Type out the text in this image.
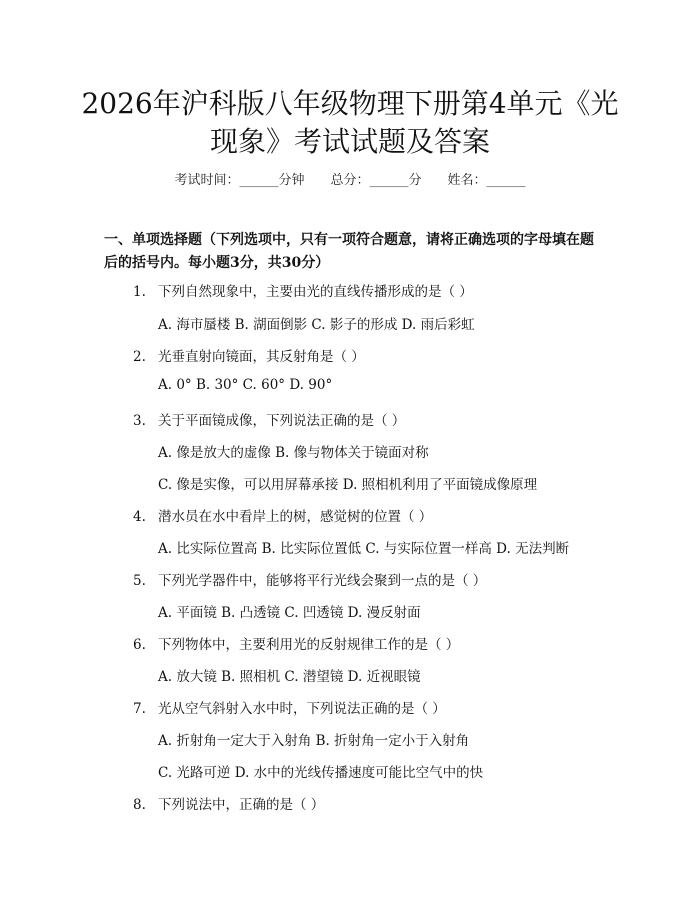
2026年沪科版八年级物理下册第4单元《光
现象》考试试题及答案
考试时间：______分钟 总分：______分 姓名：______
一、单项选择题（下列选项中，只有一项符合题意，请将正确选项的字母填在题后的括号内。每小题3分，共30分）
1. 下列自然现象中，主要由光的直线传播形成的是（ ）
A. 海市蜃楼 B. 湖面倒影 C. 影子的形成 D. 雨后彩虹
2. 光垂直射向镜面，其反射角是（ ）
A. 0° B. 30° C. 60° D. 90°
3. 关于平面镜成像，下列说法正确的是（ ）
A. 像是放大的虚像 B. 像与物体关于镜面对称
C. 像是实像，可以用屏幕承接 D. 照相机利用了平面镜成像原理
4. 潜水员在水中看岸上的树，感觉树的位置（ ）
A. 比实际位置高 B. 比实际位置低 C. 与实际位置一样高 D. 无法判断
5. 下列光学器件中，能够将平行光线会聚到一点的是（ ）
A. 平面镜 B. 凸透镜 C. 凹透镜 D. 漫反射面
6. 下列物体中，主要利用光的反射规律工作的是（ ）
A. 放大镜 B. 照相机 C. 潜望镜 D. 近视眼镜
7. 光从空气斜射入水中时，下列说法正确的是（ ）
A. 折射角一定大于入射角 B. 折射角一定小于入射角
C. 光路可逆 D. 水中的光线传播速度可能比空气中的快
8. 下列说法中，正确的是（ ）
